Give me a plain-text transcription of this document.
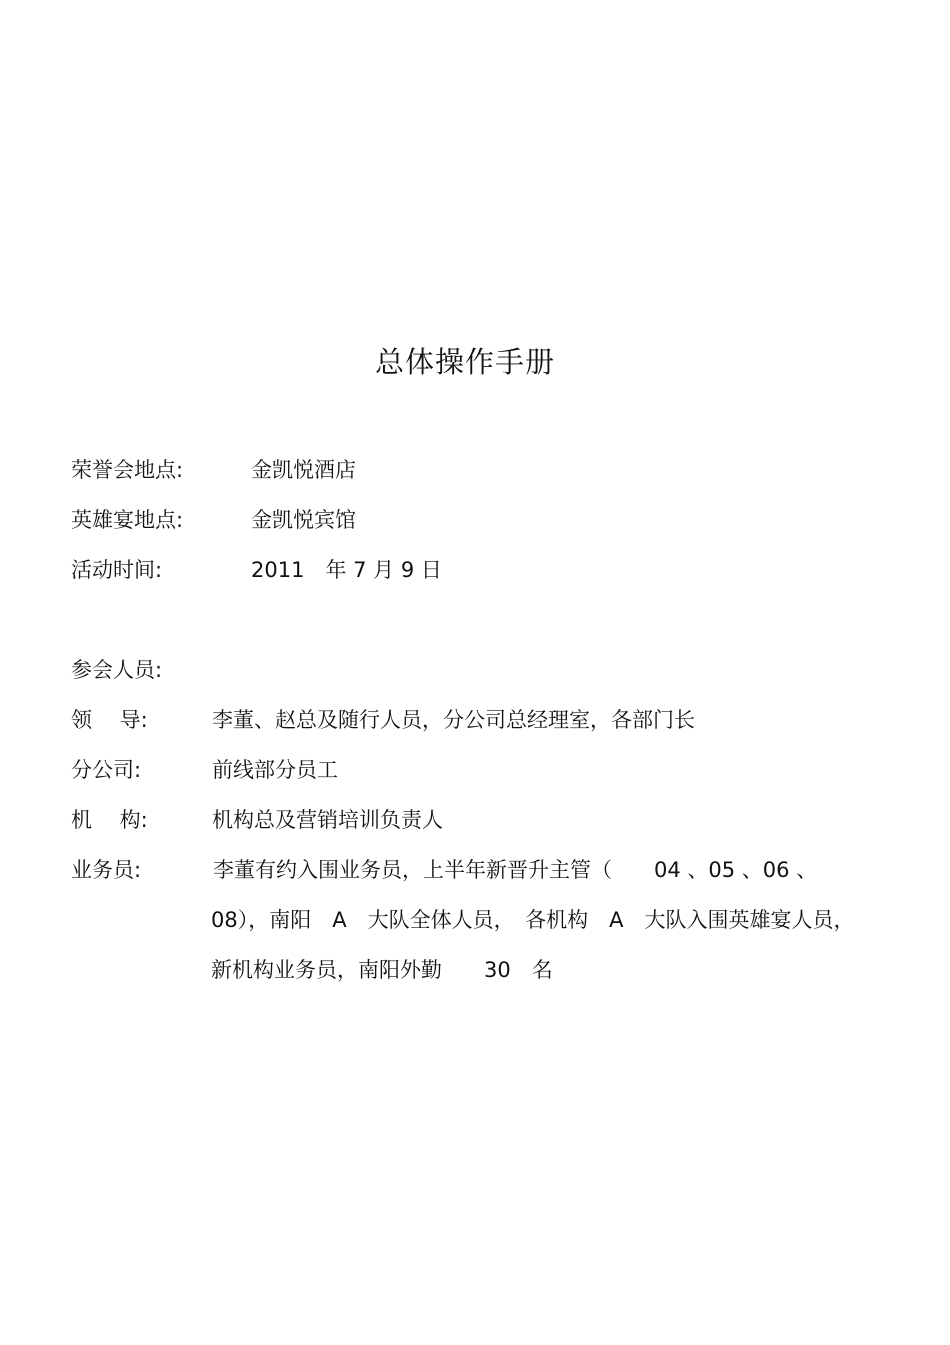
总体操作手册
荣誉会地点:	金凯悦酒店
英雄宴地点:	金凯悦宾馆
活动时间:	2011　年 7 月 9 日
参会人员:
领　 导:	李董、赵总及随行人员，分公司总经理室，各部门长
分公司:	前线部分员工
机　 构:	机构总及营销培训负责人
业务员:	李董有约入围业务员，上半年新晋升主管（　　04 、05 、06 、
08），南阳　A　大队全体人员，　各机构　A　大队入围英雄宴人员，
新机构业务员，南阳外勤　　30　名
